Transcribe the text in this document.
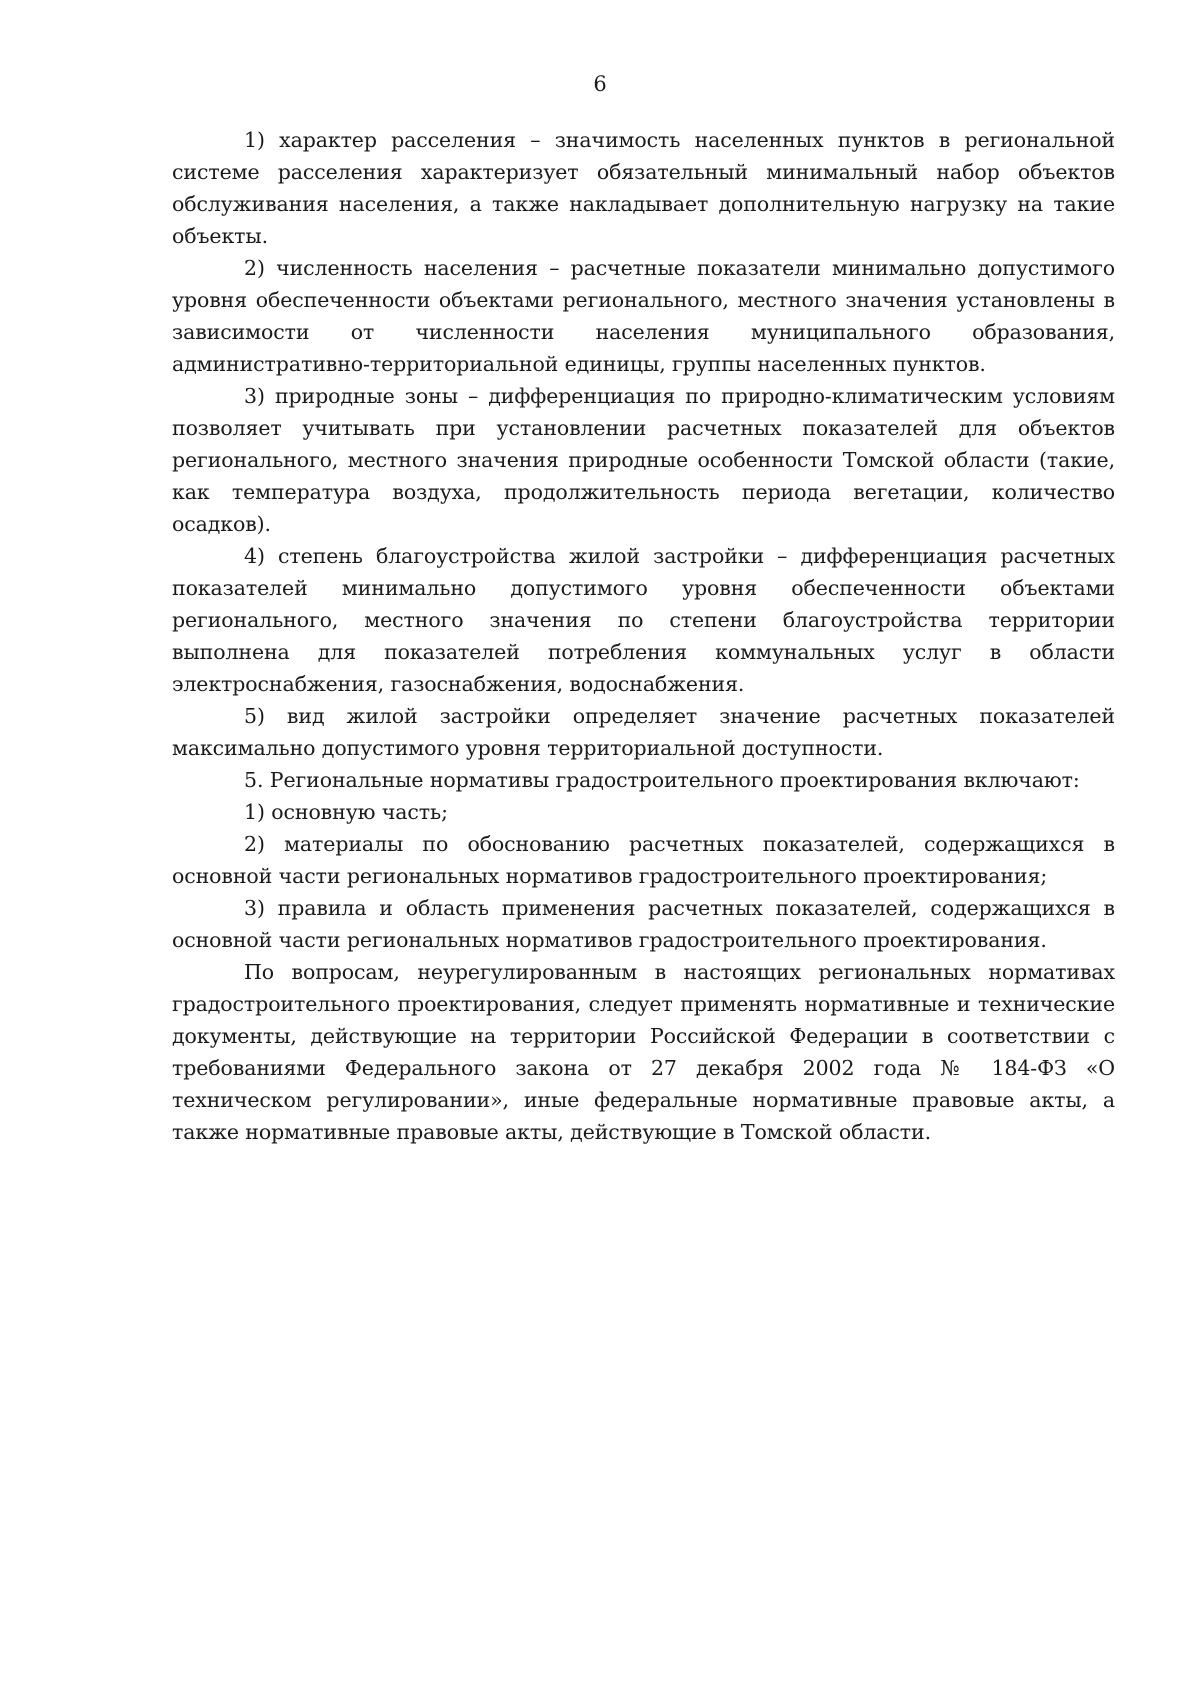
6

1) характер расселения – значимость населенных пунктов в региональной системе расселения характеризует обязательный минимальный набор объектов обслуживания населения, а также накладывает дополнительную нагрузку на такие объекты.

2) численность населения – расчетные показатели минимально допустимого уровня обеспеченности объектами регионального, местного значения установлены в зависимости от численности населения муниципального образования, административно-территориальной единицы, группы населенных пунктов.

3) природные зоны – дифференциация по природно-климатическим условиям позволяет учитывать при установлении расчетных показателей для объектов регионального, местного значения природные особенности Томской области (такие, как температура воздуха, продолжительность периода вегетации, количество осадков).

4) степень благоустройства жилой застройки – дифференциация расчетных показателей минимально допустимого уровня обеспеченности объектами регионального, местного значения по степени благоустройства территории выполнена для показателей потребления коммунальных услуг в области электроснабжения, газоснабжения, водоснабжения.

5) вид жилой застройки определяет значение расчетных показателей максимально допустимого уровня территориальной доступности.

5. Региональные нормативы градостроительного проектирования включают:

1) основную часть;

2) материалы по обоснованию расчетных показателей, содержащихся в основной части региональных нормативов градостроительного проектирования;

3) правила и область применения расчетных показателей, содержащихся в основной части региональных нормативов градостроительного проектирования.

По вопросам, неурегулированным в настоящих региональных нормативах градостроительного проектирования, следует применять нормативные и технические документы, действующие на территории Российской Федерации в соответствии с требованиями Федерального закона от 27 декабря 2002 года № 184-ФЗ «О техническом регулировании», иные федеральные нормативные правовые акты, а также нормативные правовые акты, действующие в Томской области.
